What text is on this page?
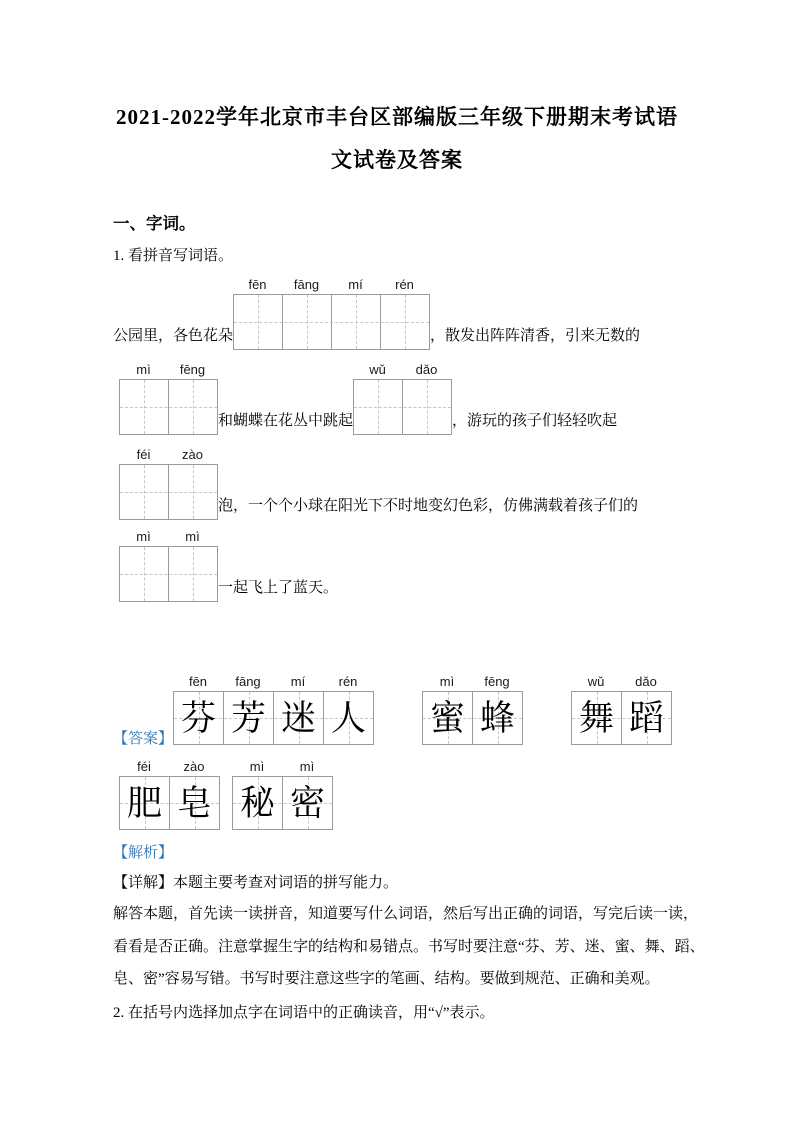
2021-2022学年北京市丰台区部编版三年级下册期末考试语
文试卷及答案
一、字词。
1. 看拼音写词语。
公园里，各色花朵
fēn	fāng	mí	rén
，散发出阵阵清香，引来无数的
mì	fēng
和蝴蝶在花丛中跳起
wǔ	dǎo
，游玩的孩子们轻轻吹起
féi	zào
泡，一个个小球在阳光下不时地变幻色彩，仿佛满载着孩子们的
mì	mì
一起飞上了蓝天。
【答案】
fēn	fāng	mí	rén
芬 芳 迷 人
mì	fēng
蜜 蜂
wǔ	dǎo
舞 蹈
féi	zào
肥 皂
mì	mì
秘 密
【解析】
【详解】本题主要考查对词语的拼写能力。
解答本题，首先读一读拼音，知道要写什么词语，然后写出正确的词语，写完后读一读，
看看是否正确。注意掌握生字的结构和易错点。书写时要注意“芬、芳、迷、蜜、舞、蹈、
皂、密”容易写错。书写时要注意这些字的笔画、结构。要做到规范、正确和美观。
2. 在括号内选择加点字在词语中的正确读音，用“√”表示。
